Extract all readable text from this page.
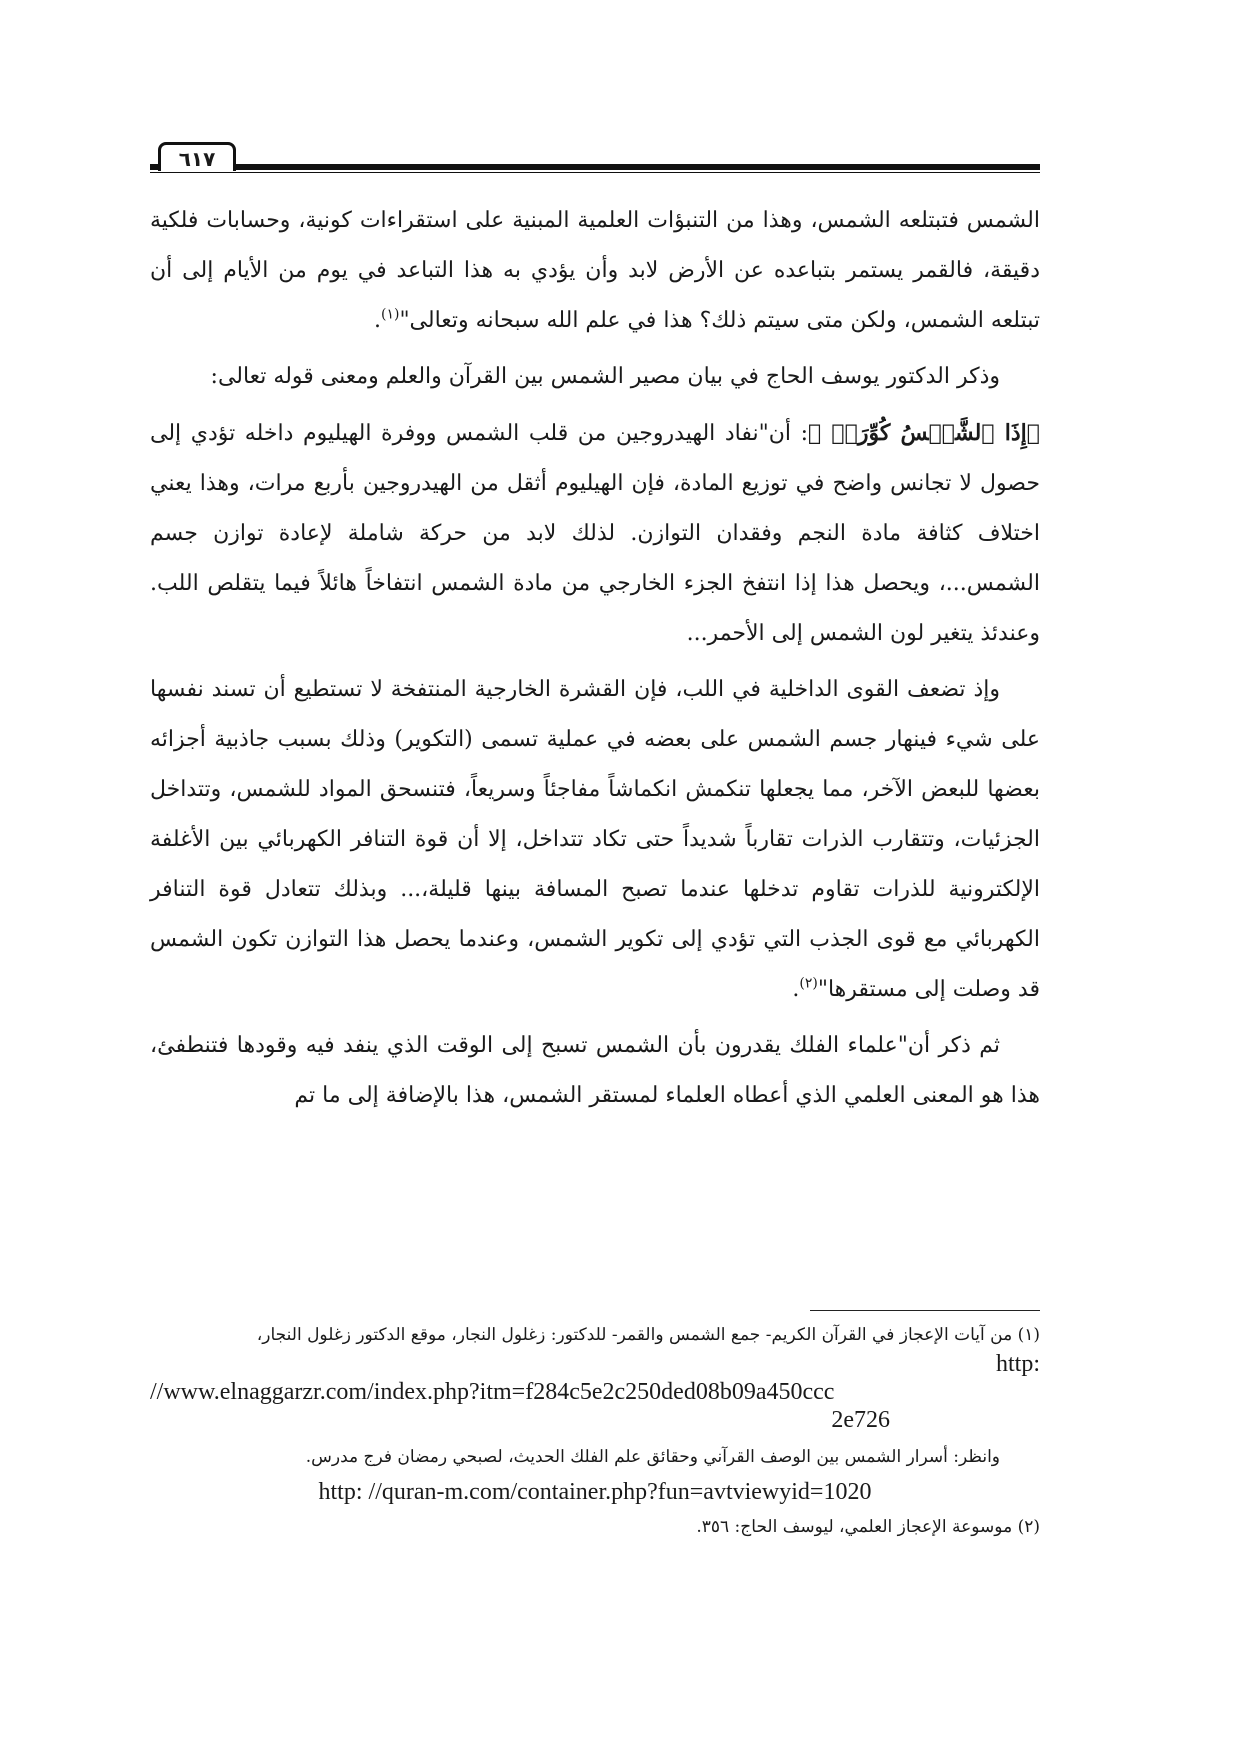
٦١٧

الشمس فتبتلعه الشمس، وهذا من التنبؤات العلمية المبنية على استقراءات كونية، وحسابات فلكية دقيقة، فالقمر يستمر بتباعده عن الأرض لابد وأن يؤدي به هذا التباعد في يوم من الأيام إلى أن تبتلعه الشمس، ولكن متى سيتم ذلك؟ هذا في علم الله سبحانه وتعالى"$^{(١)}$.

وذكر الدكتور يوسف الحاج في بيان مصير الشمس بين القرآن والعلم ومعنى قوله تعالى:

﴿إِذَا ٱلشَّمۡسُ كُوِّرَتۡ ﴾: أن"نفاد الهيدروجين من قلب الشمس ووفرة الهيليوم داخله تؤدي إلى حصول لا تجانس واضح في توزيع المادة، فإن الهيليوم أثقل من الهيدروجين بأربع مرات، وهذا يعني اختلاف كثافة مادة النجم وفقدان التوازن. لذلك لابد من حركة شاملة لإعادة توازن جسم الشمس...، ويحصل هذا إذا انتفخ الجزء الخارجي من مادة الشمس انتفاخاً هائلاً فيما يتقلص اللب. وعندئذ يتغير لون الشمس إلى الأحمر...

وإذ تضعف القوى الداخلية في اللب، فإن القشرة الخارجية المنتفخة لا تستطيع أن تسند نفسها على شيء فينهار جسم الشمس على بعضه في عملية تسمى (التكوير) وذلك بسبب جاذبية أجزائه بعضها للبعض الآخر، مما يجعلها تنكمش انكماشاً مفاجئاً وسريعاً، فتنسحق المواد للشمس، وتتداخل الجزئيات، وتتقارب الذرات تقارباً شديداً حتى تكاد تتداخل، إلا أن قوة التنافر الكهربائي بين الأغلفة الإلكترونية للذرات تقاوم تدخلها عندما تصبح المسافة بينها قليلة،... وبذلك تتعادل قوة التنافر الكهربائي مع قوى الجذب التي تؤدي إلى تكوير الشمس، وعندما يحصل هذا التوازن تكون الشمس قد وصلت إلى مستقرها"$^{(٢)}$.

ثم ذكر أن"علماء الفلك يقدرون بأن الشمس تسبح إلى الوقت الذي ينفد فيه وقودها فتنطفئ، هذا هو المعنى العلمي الذي أعطاه العلماء لمستقر الشمس، هذا بالإضافة إلى ما تم

(١) من آيات الإعجاز في القرآن الكريم- جمع الشمس والقمر- للدكتور: زغلول النجار، موقع الدكتور زغلول النجار،

http:

//www.elnaggarzr.com/index.php?itm=f284c5e2c250ded08b09a450ccc

2e726

وانظر: أسرار الشمس بين الوصف القرآني وحقائق علم الفلك الحديث، لصبحي رمضان فرج مدرس.

http: //quran-m.com/container.php?fun=avtviewyid=1020

(٢) موسوعة الإعجاز العلمي، ليوسف الحاج: ٣٥٦.
